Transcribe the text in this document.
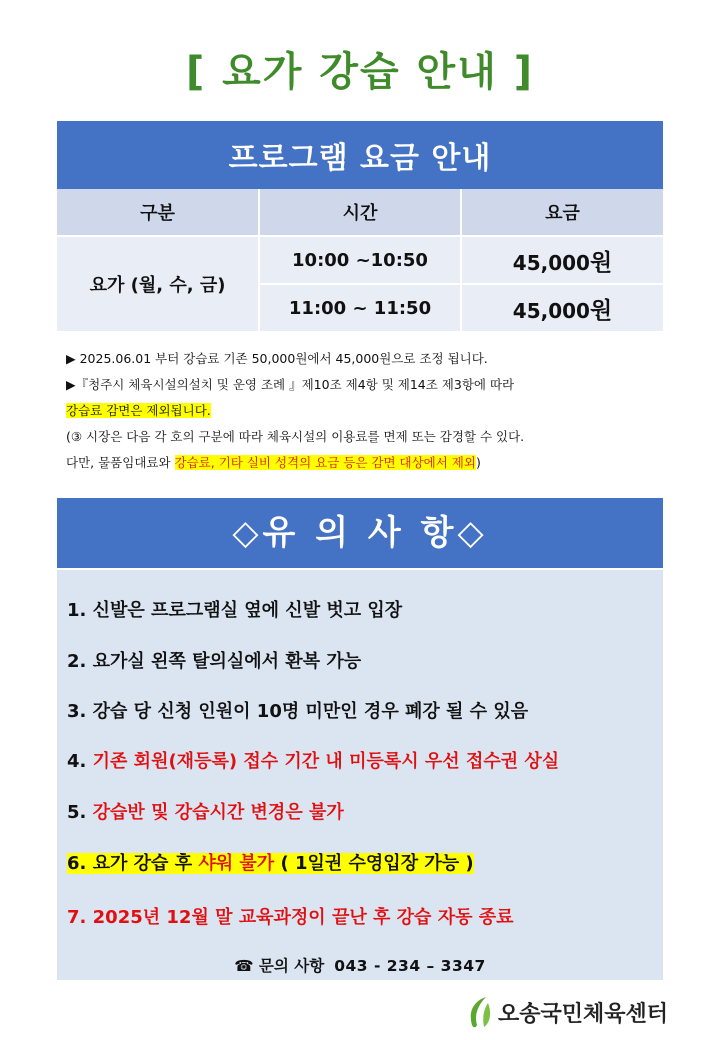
[ 요가 강습 안내 ]
프로그램 요금 안내		
구분	시간	요금
요가 (월, 수, 금)	10:00 ~10:50	45,000원
	11:00 ~ 11:50	45,000원
▶ 2025.06.01 부터 강습료 기존 50,000원에서 45,000원으로 조정 됩니다.
▶『청주시 체육시설의설치 및 운영 조례 』제10조 제4항 및 제14조 제3항에 따라
강습료 감면은 제외됩니다.
(③ 시장은 다음 각 호의 구분에 따라 체육시설의 이용료를 면제 또는 감경할 수 있다.
다만, 물품임대료와 강습료, 기타 실비 성격의 요금 등은 감면 대상에서 제외)
◇유 의 사 항◇
1. 신발은 프로그램실 옆에 신발 벗고 입장
2. 요가실 왼쪽 탈의실에서 환복 가능
3. 강습 당 신청 인원이 10명 미만인 경우 폐강 될 수 있음
4. 기존 회원(재등록) 접수 기간 내 미등록시 우선 접수권 상실
5. 강습반 및 강습시간 변경은 불가
6. 요가 강습 후 샤워 불가 ( 1일권 수영입장 가능 )
7. 2025년 12월 말 교육과정이 끝난 후 강습 자동 종료
☎ 문의 사항 043 - 234 – 3347
오송국민체육센터
